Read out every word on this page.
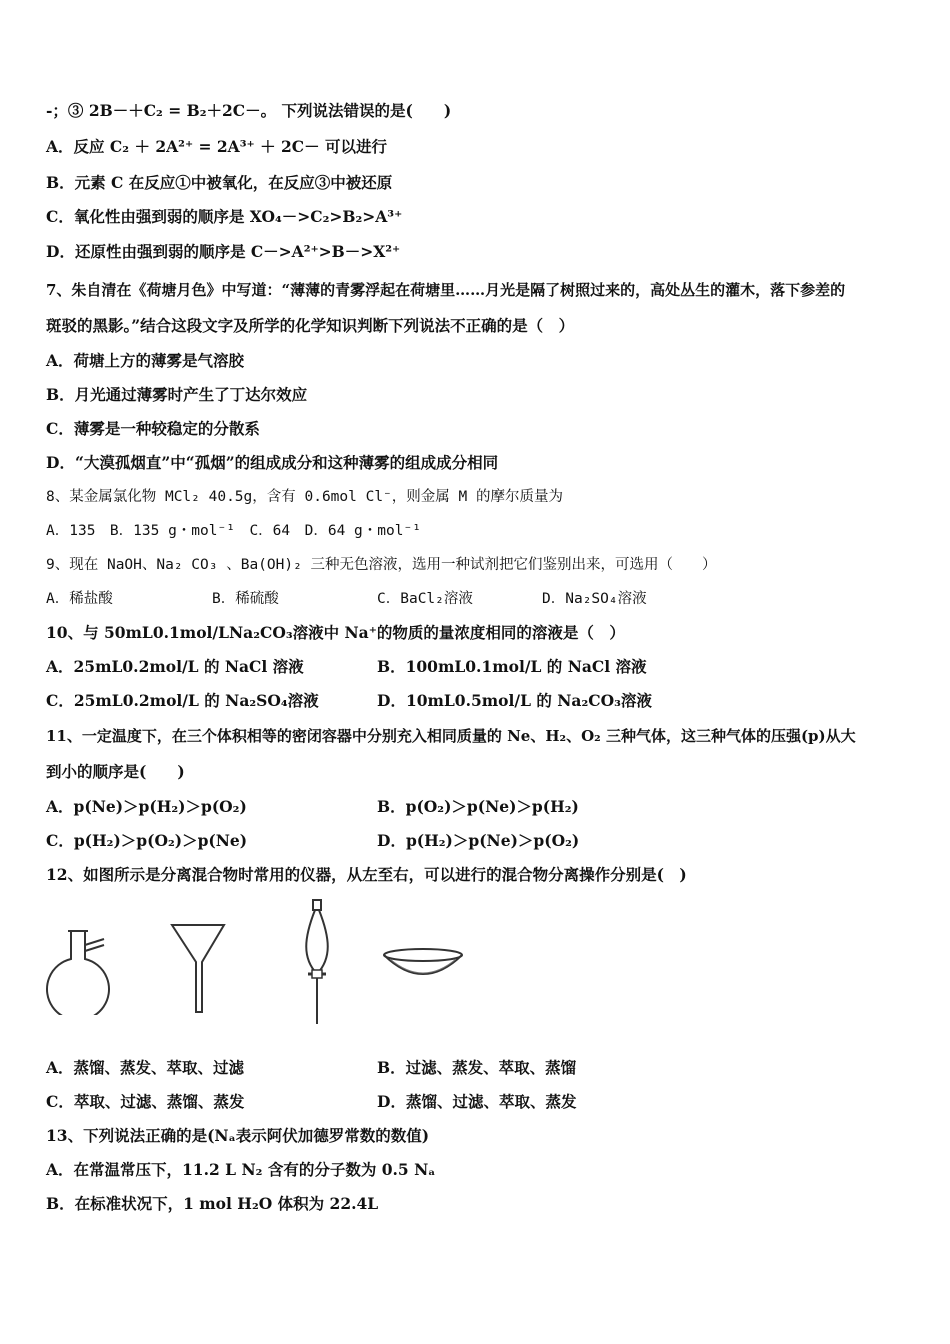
-；③ 2B－＋C₂ = B₂＋2C－。 下列说法错误的是(　　)
A．反应 C₂ ＋ 2A²⁺ = 2A³⁺ ＋ 2C－ 可以进行
B．元素 C 在反应①中被氧化，在反应③中被还原
C．氧化性由强到弱的顺序是 XO₄－>C₂>B₂>A³⁺
D．还原性由强到弱的顺序是 C－>A²⁺>B－>X²⁺
7、朱自清在《荷塘月色》中写道：“薄薄的青雾浮起在荷塘里……月光是隔了树照过来的，高处丛生的灌木，落下参差的
斑驳的黑影。”结合这段文字及所学的化学知识判断下列说法不正确的是（　）
A．荷塘上方的薄雾是气溶胶
B．月光通过薄雾时产生了丁达尔效应
C．薄雾是一种较稳定的分散系
D．“大漠孤烟直”中“孤烟”的组成成分和这种薄雾的组成成分相同
8、某金属氯化物 MCl₂ 40.5g，含有 0.6mol Cl⁻，则金属 M 的摩尔质量为
A．135　B．135 g・mol⁻¹　C．64　D．64 g・mol⁻¹
9、现在 NaOH、Na₂ CO₃ 、Ba(OH)₂ 三种无色溶液，选用一种试剂把它们鉴别出来，可选用（　　）
A．稀盐酸	B．稀硫酸	C．BaCl₂溶液	D．Na₂SO₄溶液
10、与 50mL0.1mol/LNa₂CO₃溶液中 Na⁺的物质的量浓度相同的溶液是（　）
A．25mL0.2mol/L 的 NaCl 溶液	B．100mL0.1mol/L 的 NaCl 溶液
C．25mL0.2mol/L 的 Na₂SO₄溶液	D．10mL0.5mol/L 的 Na₂CO₃溶液
11、一定温度下，在三个体积相等的密闭容器中分别充入相同质量的 Ne、H₂、O₂ 三种气体，这三种气体的压强(p)从大
到小的顺序是(　　)
A．p(Ne)＞p(H₂)＞p(O₂)	B．p(O₂)＞p(Ne)＞p(H₂)
C．p(H₂)＞p(O₂)＞p(Ne)	D．p(H₂)＞p(Ne)＞p(O₂)
12、如图所示是分离混合物时常用的仪器，从左至右，可以进行的混合物分离操作分别是(　)
A．蒸馏、蒸发、萃取、过滤	B．过滤、蒸发、萃取、蒸馏
C．萃取、过滤、蒸馏、蒸发	D．蒸馏、过滤、萃取、蒸发
13、下列说法正确的是(Nₐ表示阿伏加德罗常数的数值)
A．在常温常压下，11.2 L N₂ 含有的分子数为 0.5 Nₐ
B．在标准状况下，1 mol H₂O 体积为 22.4L
